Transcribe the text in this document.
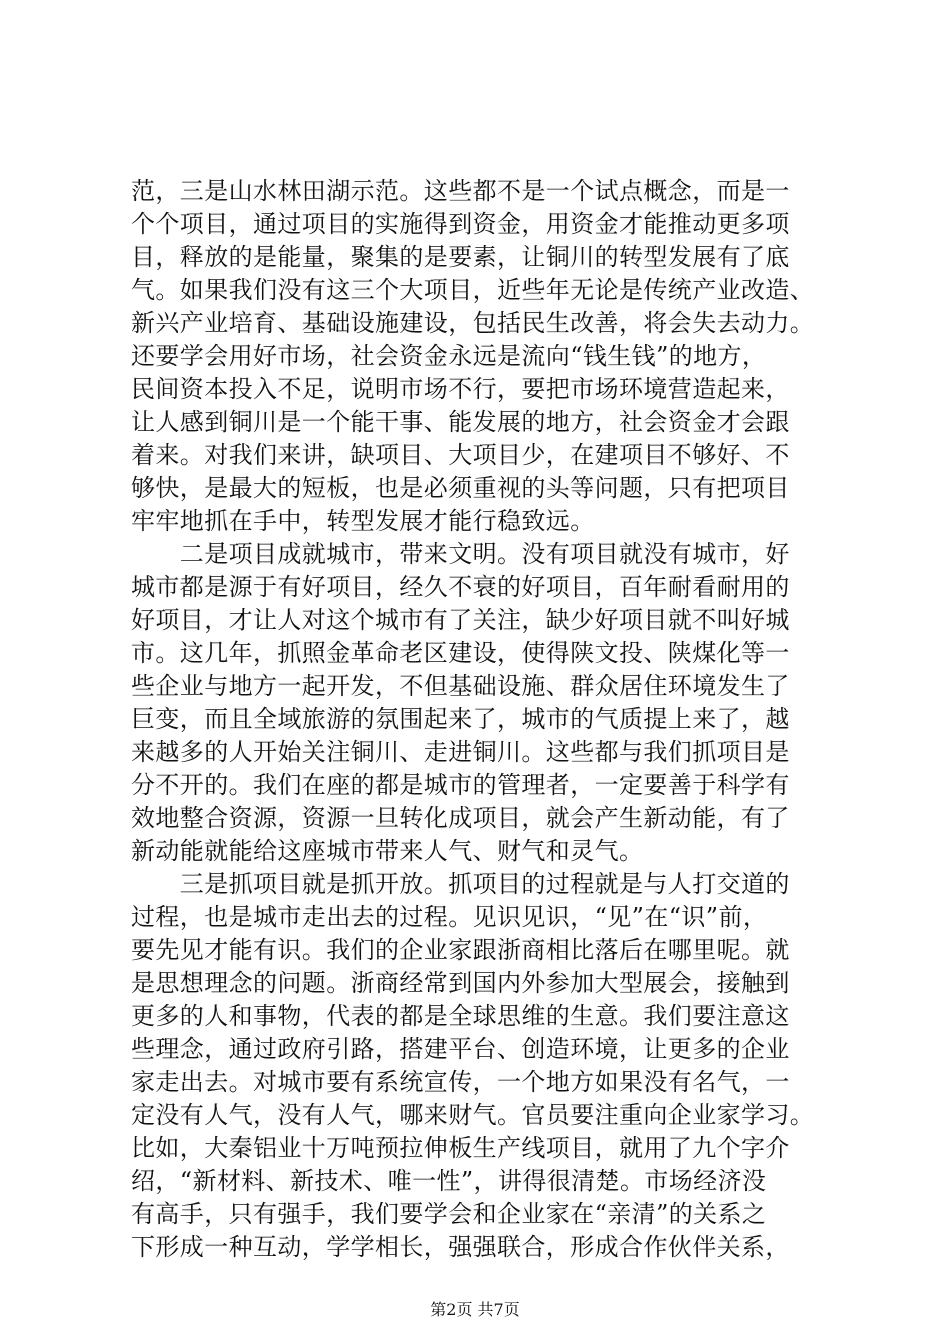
范，三是山水林田湖示范。这些都不是一个试点概念，而是一
个个项目，通过项目的实施得到资金，用资金才能推动更多项
目，释放的是能量，聚集的是要素，让铜川的转型发展有了底
气。如果我们没有这三个大项目，近些年无论是传统产业改造、
新兴产业培育、基础设施建设，包括民生改善，将会失去动力。
还要学会用好市场，社会资金永远是流向“钱生钱”的地方，
民间资本投入不足，说明市场不行，要把市场环境营造起来，
让人感到铜川是一个能干事、能发展的地方，社会资金才会跟
着来。对我们来讲，缺项目、大项目少，在建项目不够好、不
够快，是最大的短板，也是必须重视的头等问题，只有把项目
牢牢地抓在手中，转型发展才能行稳致远。
　　二是项目成就城市，带来文明。没有项目就没有城市，好
城市都是源于有好项目，经久不衰的好项目，百年耐看耐用的
好项目，才让人对这个城市有了关注，缺少好项目就不叫好城
市。这几年，抓照金革命老区建设，使得陕文投、陕煤化等一
些企业与地方一起开发，不但基础设施、群众居住环境发生了
巨变，而且全域旅游的氛围起来了，城市的气质提上来了，越
来越多的人开始关注铜川、走进铜川。这些都与我们抓项目是
分不开的。我们在座的都是城市的管理者，一定要善于科学有
效地整合资源，资源一旦转化成项目，就会产生新动能，有了
新动能就能给这座城市带来人气、财气和灵气。
　　三是抓项目就是抓开放。抓项目的过程就是与人打交道的
过程，也是城市走出去的过程。见识见识，“见”在“识”前，
要先见才能有识。我们的企业家跟浙商相比落后在哪里呢。就
是思想理念的问题。浙商经常到国内外参加大型展会，接触到
更多的人和事物，代表的都是全球思维的生意。我们要注意这
些理念，通过政府引路，搭建平台、创造环境，让更多的企业
家走出去。对城市要有系统宣传，一个地方如果没有名气，一
定没有人气，没有人气，哪来财气。官员要注重向企业家学习。
比如，大秦铝业十万吨预拉伸板生产线项目，就用了九个字介
绍，“新材料、新技术、唯一性”，讲得很清楚。市场经济没
有高手，只有强手，我们要学会和企业家在“亲清”的关系之
下形成一种互动，学学相长，强强联合，形成合作伙伴关系，
第2页 共7页
